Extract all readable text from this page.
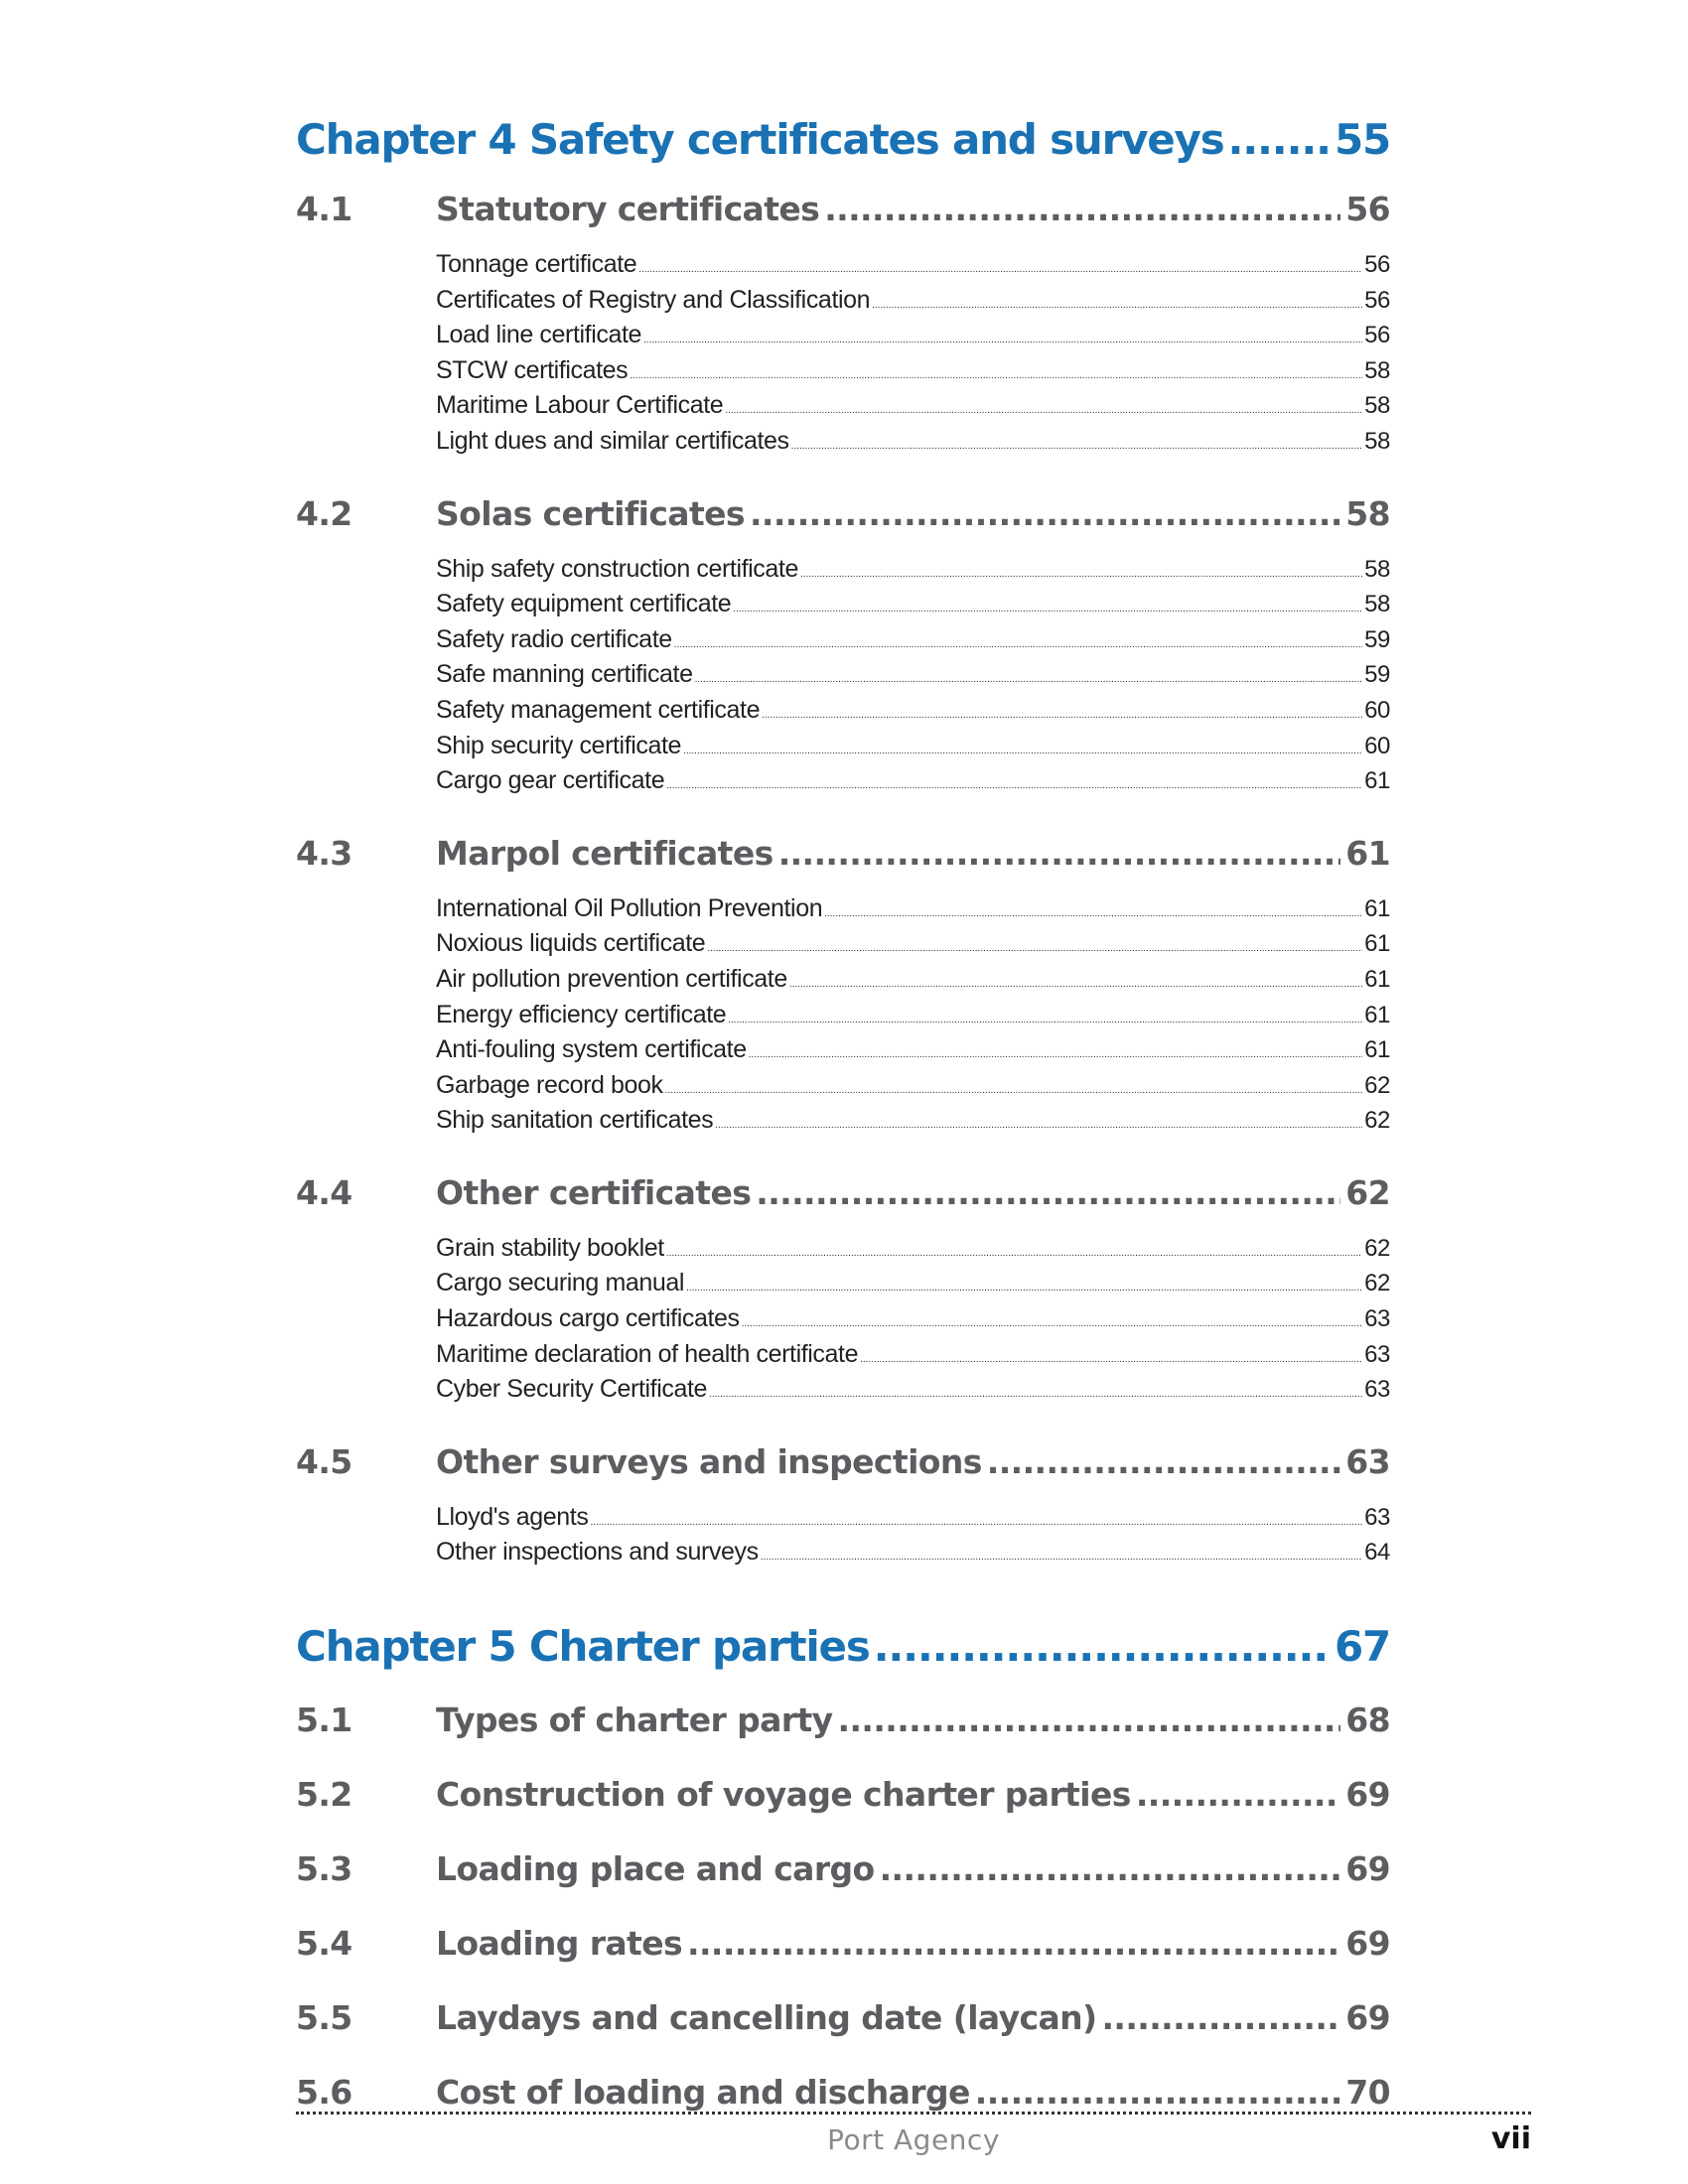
Chapter 4 Safety certificates and surveys .....	55
4.1	Statutory certificates .....	56
Tonnage certificate .....	56
Certificates of Registry and Classification .....	56
Load line certificate .....	56
STCW certificates .....	58
Maritime Labour Certificate .....	58
Light dues and similar certificates .....	58
4.2	Solas certificates .....	58
Ship safety construction certificate .....	58
Safety equipment certificate .....	58
Safety radio certificate .....	59
Safe manning certificate .....	59
Safety management certificate .....	60
Ship security certificate .....	60
Cargo gear certificate .....	61
4.3	Marpol certificates .....	61
International Oil Pollution Prevention .....	61
Noxious liquids certificate .....	61
Air pollution prevention certificate .....	61
Energy efficiency certificate .....	61
Anti-fouling system certificate .....	61
Garbage record book .....	62
Ship sanitation certificates .....	62
4.4	Other certificates .....	62
Grain stability booklet .....	62
Cargo securing manual .....	62
Hazardous cargo certificates .....	63
Maritime declaration of health certificate .....	63
Cyber Security Certificate .....	63
4.5	Other surveys and inspections .....	63
Lloyd's agents .....	63
Other inspections and surveys .....	64
Chapter 5 Charter parties .....	67
5.1	Types of charter party .....	68
5.2	Construction of voyage charter parties .....	69
5.3	Loading place and cargo .....	69
5.4	Loading rates .....	69
5.5	Laydays and cancelling date (laycan) .....	69
5.6	Cost of loading and discharge .....	70
Port Agency	vii
